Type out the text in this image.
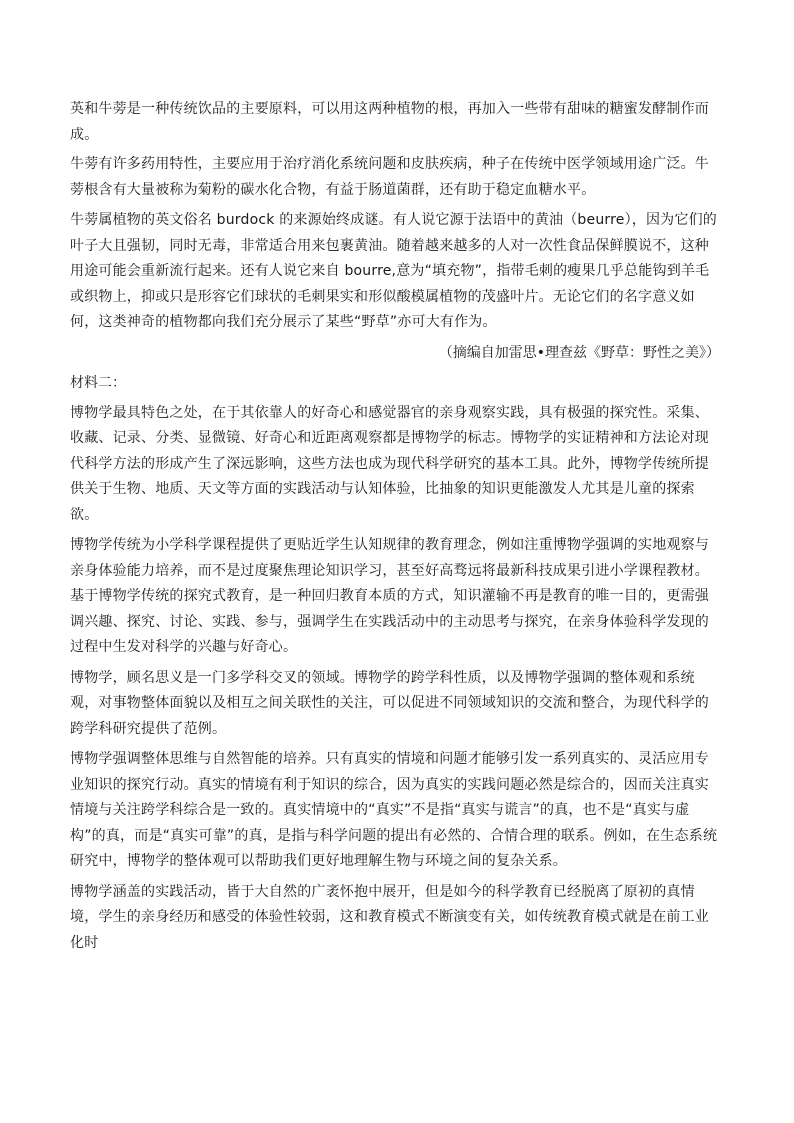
英和牛蒡是一种传统饮品的主要原料，可以用这两种植物的根，再加入一些带有甜味的糖蜜发酵制作而成。

牛蒡有许多药用特性，主要应用于治疗消化系统问题和皮肤疾病，种子在传统中医学领域用途广泛。牛蒡根含有大量被称为菊粉的碳水化合物，有益于肠道菌群，还有助于稳定血糖水平。

牛蒡属植物的英文俗名 burdock 的来源始终成谜。有人说它源于法语中的黄油（beurre），因为它们的叶子大且强韧，同时无毒，非常适合用来包裹黄油。随着越来越多的人对一次性食品保鲜膜说不，这种用途可能会重新流行起来。还有人说它来自 bourre,意为“填充物”，指带毛刺的瘦果几乎总能钩到羊毛或织物上，抑或只是形容它们球状的毛刺果实和形似酸模属植物的茂盛叶片。无论它们的名字意义如何，这类神奇的植物都向我们充分展示了某些“野草”亦可大有作为。

（摘编自加雷思•理查兹《野草：野性之美》）

材料二：

博物学最具特色之处，在于其依靠人的好奇心和感觉器官的亲身观察实践，具有极强的探究性。采集、收藏、记录、分类、显微镜、好奇心和近距离观察都是博物学的标志。博物学的实证精神和方法论对现代科学方法的形成产生了深远影响，这些方法也成为现代科学研究的基本工具。此外，博物学传统所提供关于生物、地质、天文等方面的实践活动与认知体验，比抽象的知识更能激发人尤其是儿童的探索欲。

博物学传统为小学科学课程提供了更贴近学生认知规律的教育理念，例如注重博物学强调的实地观察与亲身体验能力培养，而不是过度聚焦理论知识学习，甚至好高骛远将最新科技成果引进小学课程教材。基于博物学传统的探究式教育，是一种回归教育本质的方式，知识灌输不再是教育的唯一目的，更需强调兴趣、探究、讨论、实践、参与，强调学生在实践活动中的主动思考与探究，在亲身体验科学发现的过程中生发对科学的兴趣与好奇心。

博物学，顾名思义是一门多学科交叉的领域。博物学的跨学科性质，以及博物学强调的整体观和系统观，对事物整体面貌以及相互之间关联性的关注，可以促进不同领域知识的交流和整合，为现代科学的跨学科研究提供了范例。

博物学强调整体思维与自然智能的培养。只有真实的情境和问题才能够引发一系列真实的、灵活应用专业知识的探究行动。真实的情境有利于知识的综合，因为真实的实践问题必然是综合的，因而关注真实情境与关注跨学科综合是一致的。真实情境中的“真实”不是指“真实与谎言”的真，也不是“真实与虚构”的真，而是“真实可靠”的真，是指与科学问题的提出有必然的、合情合理的联系。例如，在生态系统研究中，博物学的整体观可以帮助我们更好地理解生物与环境之间的复杂关系。

博物学涵盖的实践活动，皆于大自然的广袤怀抱中展开，但是如今的科学教育已经脱离了原初的真情境，学生的亲身经历和感受的体验性较弱，这和教育模式不断演变有关，如传统教育模式就是在前工业化时
